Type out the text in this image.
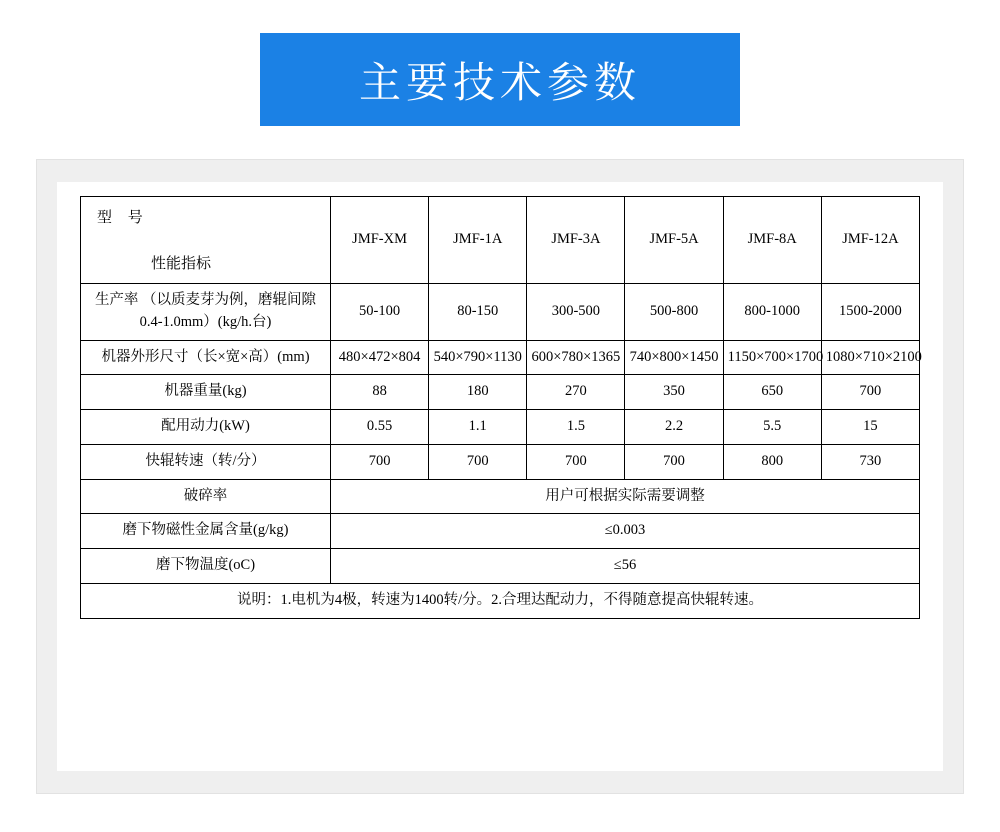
主要技术参数
型 号
性能指标	JMF-XM	JMF-1A	JMF-3A	JMF-5A	JMF-8A	JMF-12A
生产率 （以质麦芽为例，磨辊间隙 0.4-1.0mm）(kg/h.台)	50-100	80-150	300-500	500-800	800-1000	1500-2000
机器外形尺寸（长×宽×高）(mm)	480×472×804	540×790×1130	600×780×1365	740×800×1450	1150×700×1700	1080×710×2100
机器重量(kg)	88	180	270	350	650	700
配用动力(kW)	0.55	1.1	1.5	2.2	5.5	15
快辊转速（转/分）	700	700	700	700	800	730
破碎率	用户可根据实际需要调整					
磨下物磁性金属含量(g/kg)	≤0.003					
磨下物温度(oC)	≤56					
说明：1.电机为4极，转速为1400转/分。2.合理达配动力，不得随意提高快辊转速。						
